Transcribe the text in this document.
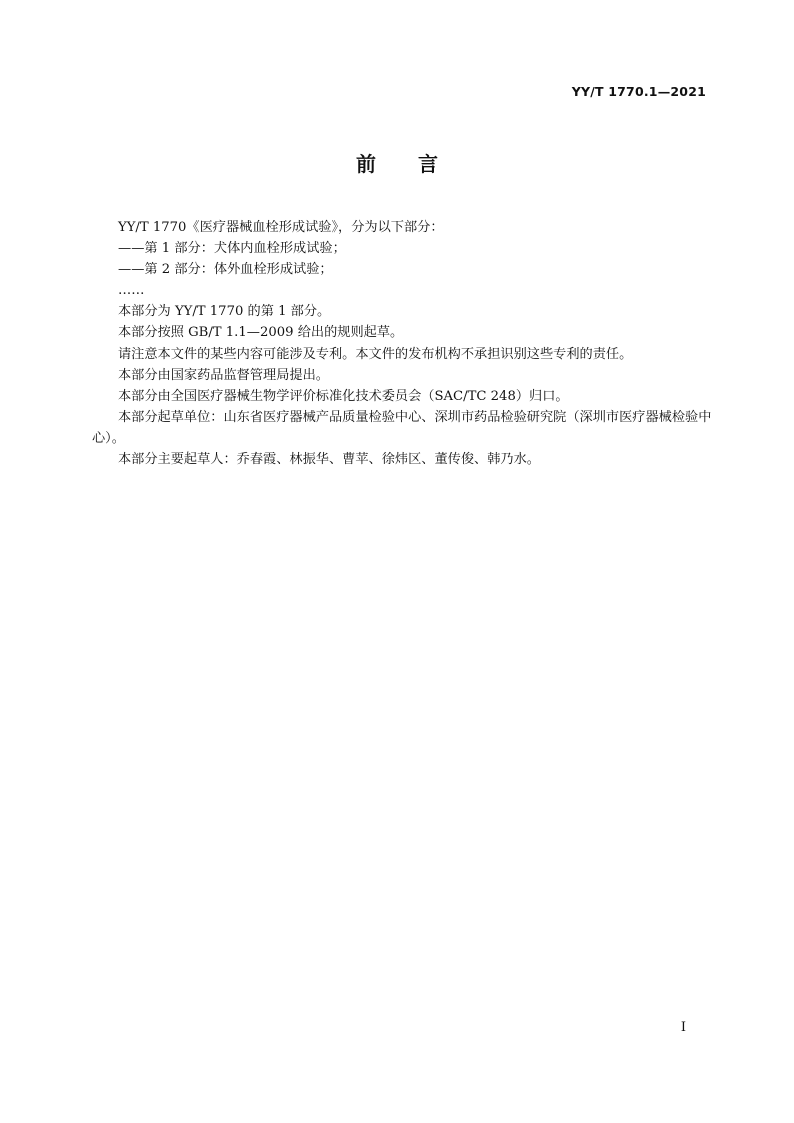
YY/T 1770.1—2021
前 言

YY/T 1770《医疗器械血栓形成试验》，分为以下部分：

——第 1 部分：犬体内血栓形成试验；

——第 2 部分：体外血栓形成试验；

……

本部分为 YY/T 1770 的第 1 部分。

本部分按照 GB/T 1.1—2009 给出的规则起草。

请注意本文件的某些内容可能涉及专利。本文件的发布机构不承担识别这些专利的责任。

本部分由国家药品监督管理局提出。

本部分由全国医疗器械生物学评价标准化技术委员会（SAC/TC 248）归口。

本部分起草单位：山东省医疗器械产品质量检验中心、深圳市药品检验研究院（深圳市医疗器械检验中心）。

本部分主要起草人：乔春霞、林振华、曹苹、徐炜区、董传俊、韩乃水。

I
